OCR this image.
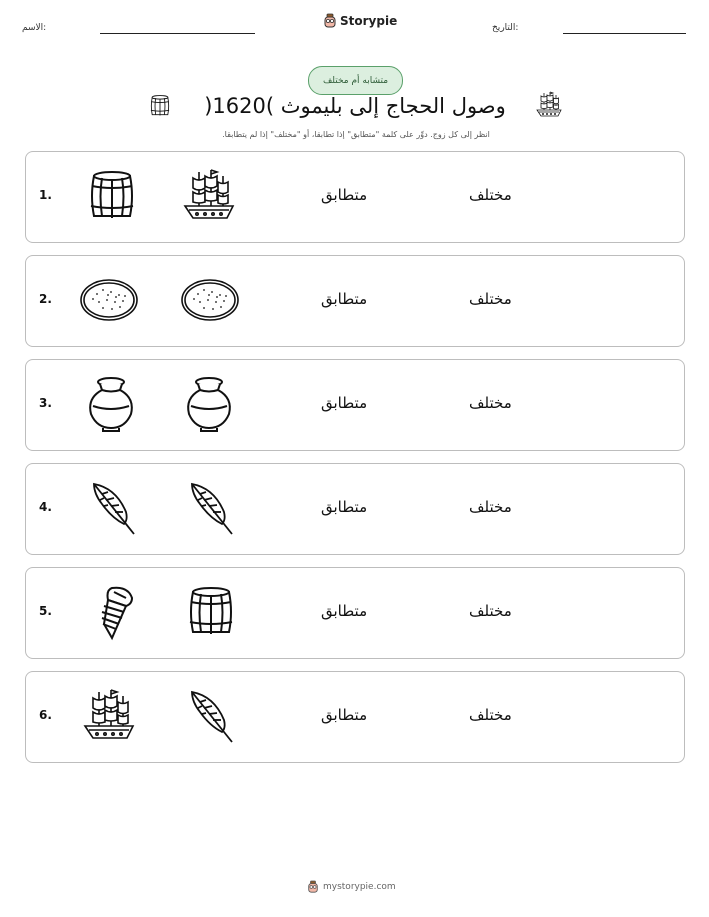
الاسم:	Storypie	التاريخ:
متشابه أم مختلف
وصول الحجاج إلى بليموث )1620(
انظر إلى كل زوج. دوِّر على كلمة "متطابق" إذا تطابقا، أو "مختلف" إذا لم يتطابقا.
1.	متطابق	مختلف
2.	متطابق	مختلف
3.	متطابق	مختلف
4.	متطابق	مختلف
5.	متطابق	مختلف
6.	متطابق	مختلف
mystorypie.com
